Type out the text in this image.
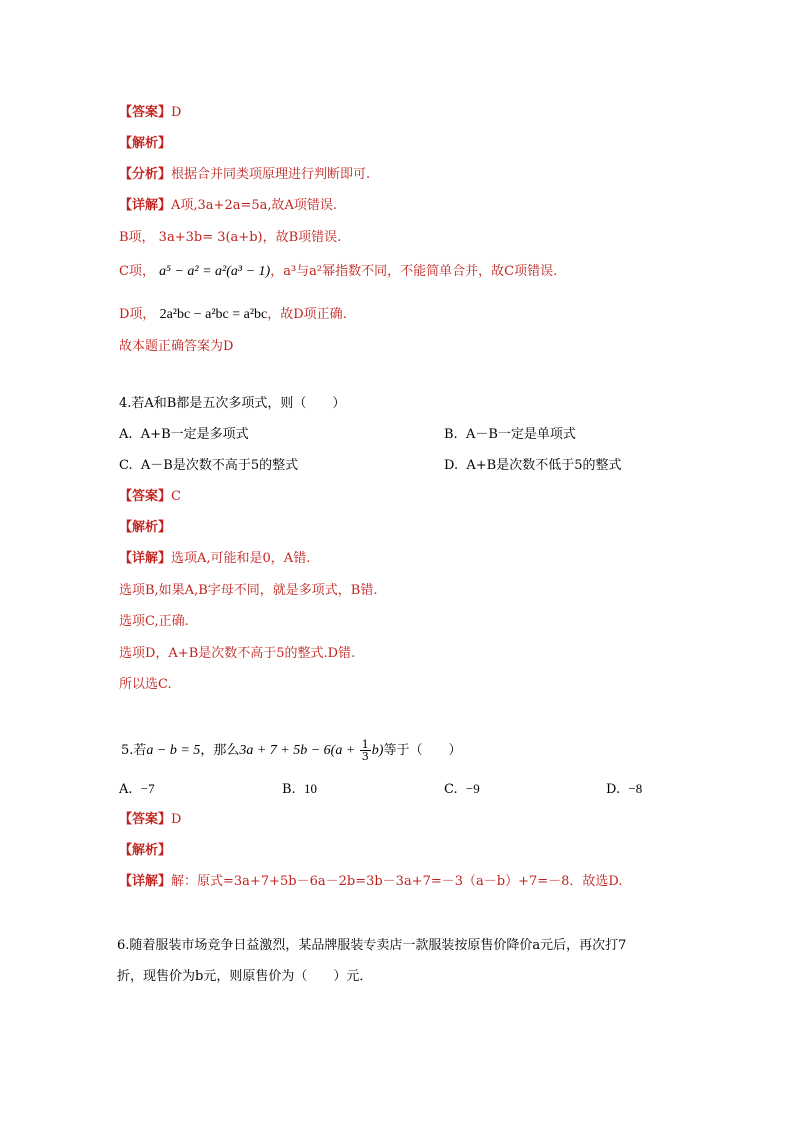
【答案】D
【解析】
【分析】根据合并同类项原理进行判断即可.
【详解】A项,3a+2a=5a,故A项错误.
B项， 3a+3b= 3(a+b)，故B项错误.
C项， a⁵ − a² = a²(a³ − 1)，a³与a²幂指数不同，不能简单合并，故C项错误.
D项， 2a²bc − a²bc = a²bc，故D项正确.
故本题正确答案为D
4.若A和B都是五次多项式，则（　　）
A. A+B一定是多项式	B. A－B一定是单项式
C. A－B是次数不高于5的整式	D. A+B是次数不低于5的整式
【答案】C
【解析】
【详解】选项A,可能和是0，A错.
选项B,如果A,B字母不同，就是多项式，B错.
选项C,正确.
选项D，A+B是次数不高于5的整式.D错.
所以选C.
5.若a − b = 5，那么$3a + 7 + 5b - 6(a + \frac{1}{3} b)$等于（　　）
A. −7	B. 10	C. −9	D. −8
【答案】D
【解析】
【详解】解：原式=3a+7+5b－6a－2b=3b－3a+7=－3（a－b）+7=－8．故选D.
6.随着服装市场竞争日益激烈，某品牌服装专卖店一款服装按原售价降价a元后，再次打7
折，现售价为b元，则原售价为（　　）元．
